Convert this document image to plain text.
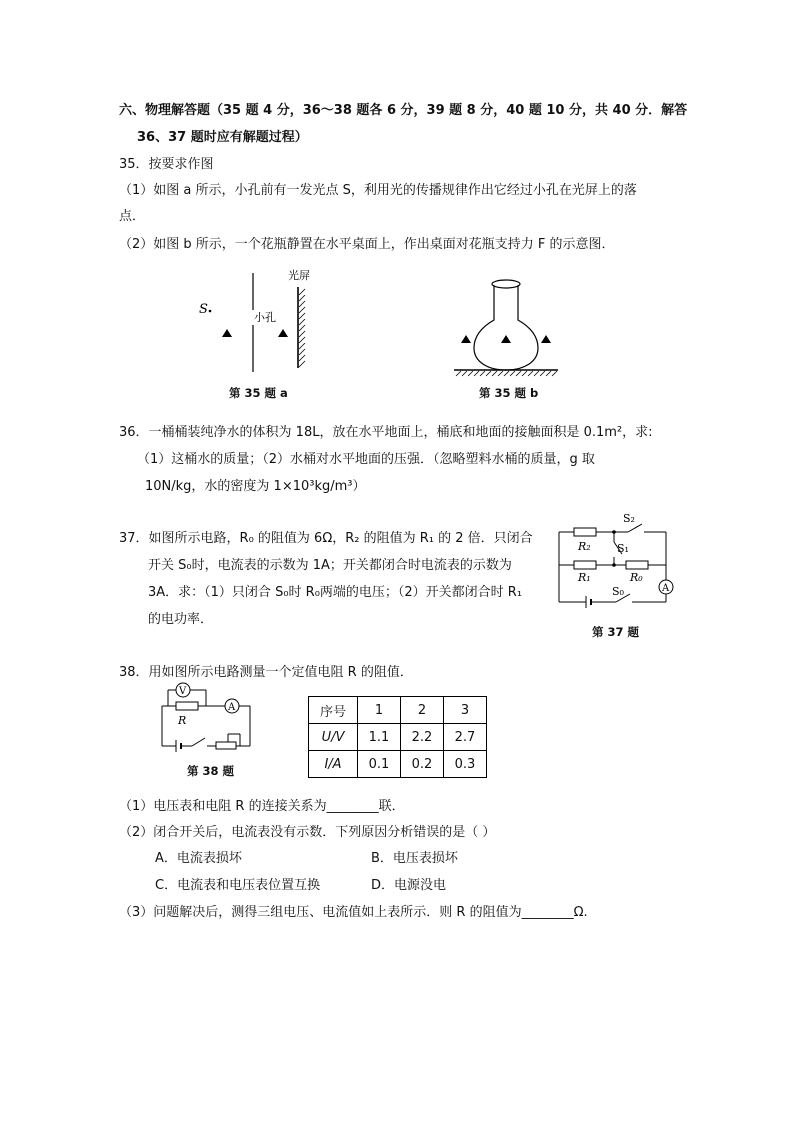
六、物理解答题（35 题 4 分，36～38 题各 6 分，39 题 8 分，40 题 10 分，共 40 分．解答
36、37 题时应有解题过程）
35．按要求作图
（1）如图 a 所示，小孔前有一发光点 S，利用光的传播规律作出它经过小孔在光屏上的落
点．
（2）如图 b 所示，一个花瓶静置在水平桌面上，作出桌面对花瓶支持力 F 的示意图．
S
小孔
光屏
第 35 题 a	第 35 题 b
36．一桶桶装纯净水的体积为 18L，放在水平地面上，桶底和地面的接触面积是 0.1m²，求:
（1）这桶水的质量；（2）水桶对水平地面的压强．（忽略塑料水桶的质量，g 取
10N/kg，水的密度为 1×10³kg/m³）
37．如图所示电路，R₀ 的阻值为 6Ω，R₂ 的阻值为 R₁ 的 2 倍．只闭合
开关 S₀时，电流表的示数为 1A；开关都闭合时电流表的示数为
3A．求：（1）只闭合 S₀时 R₀两端的电压；（2）开关都闭合时 R₁
的电功率．
R₂
R₁	R₀
S₂
S₁
S₀	A
第 37 题
38．用如图所示电路测量一个定值电阻 R 的阻值．
V
A
R
第 38 题
序号	1	2	3
U/V	1.1	2.2	2.7
I/A	0.1	0.2	0.3
（1）电压表和电阻 R 的连接关系为________联．
（2）闭合开关后，电流表没有示数．下列原因分析错误的是（ ）
A．电流表损坏	B．电压表损坏
C．电流表和电压表位置互换	D．电源没电
（3）问题解决后，测得三组电压、电流值如上表所示．则 R 的阻值为________Ω.
